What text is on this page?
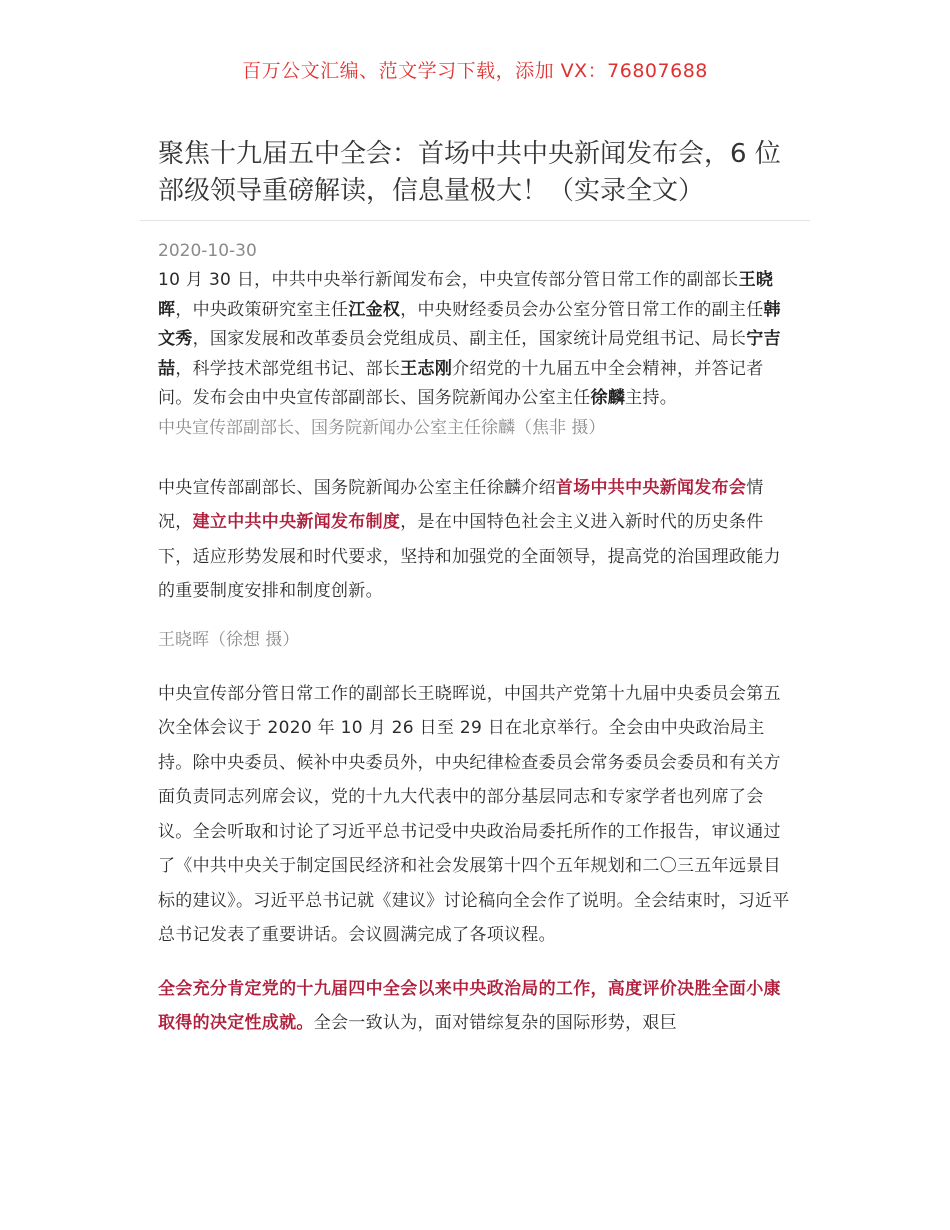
百万公文汇编、范文学习下载，添加 VX：76807688
聚焦十九届五中全会：首场中共中央新闻发布会，6 位部级领导重磅解读，信息量极大！（实录全文）
2020-10-30

10 月 30 日，中共中央举行新闻发布会，中央宣传部分管日常工作的副部长王晓晖，中央政策研究室主任江金权，中央财经委员会办公室分管日常工作的副主任韩文秀，国家发展和改革委员会党组成员、副主任，国家统计局党组书记、局长宁吉喆，科学技术部党组书记、部长王志刚介绍党的十九届五中全会精神，并答记者问。发布会由中央宣传部副部长、国务院新闻办公室主任徐麟主持。

中央宣传部副部长、国务院新闻办公室主任徐麟（焦非 摄）

中央宣传部副部长、国务院新闻办公室主任徐麟介绍首场中共中央新闻发布会情况，建立中共中央新闻发布制度，是在中国特色社会主义进入新时代的历史条件下，适应形势发展和时代要求，坚持和加强党的全面领导，提高党的治国理政能力的重要制度安排和制度创新。

王晓晖（徐想 摄）

中央宣传部分管日常工作的副部长王晓晖说，中国共产党第十九届中央委员会第五次全体会议于 2020 年 10 月 26 日至 29 日在北京举行。全会由中央政治局主持。除中央委员、候补中央委员外，中央纪律检查委员会常务委员会委员和有关方面负责同志列席会议，党的十九大代表中的部分基层同志和专家学者也列席了会议。全会听取和讨论了习近平总书记受中央政治局委托所作的工作报告，审议通过了《中共中央关于制定国民经济和社会发展第十四个五年规划和二〇三五年远景目标的建议》。习近平总书记就《建议》讨论稿向全会作了说明。全会结束时，习近平总书记发表了重要讲话。会议圆满完成了各项议程。

全会充分肯定党的十九届四中全会以来中央政治局的工作，高度评价决胜全面小康取得的决定性成就。全会一致认为，面对错综复杂的国际形势，艰巨
